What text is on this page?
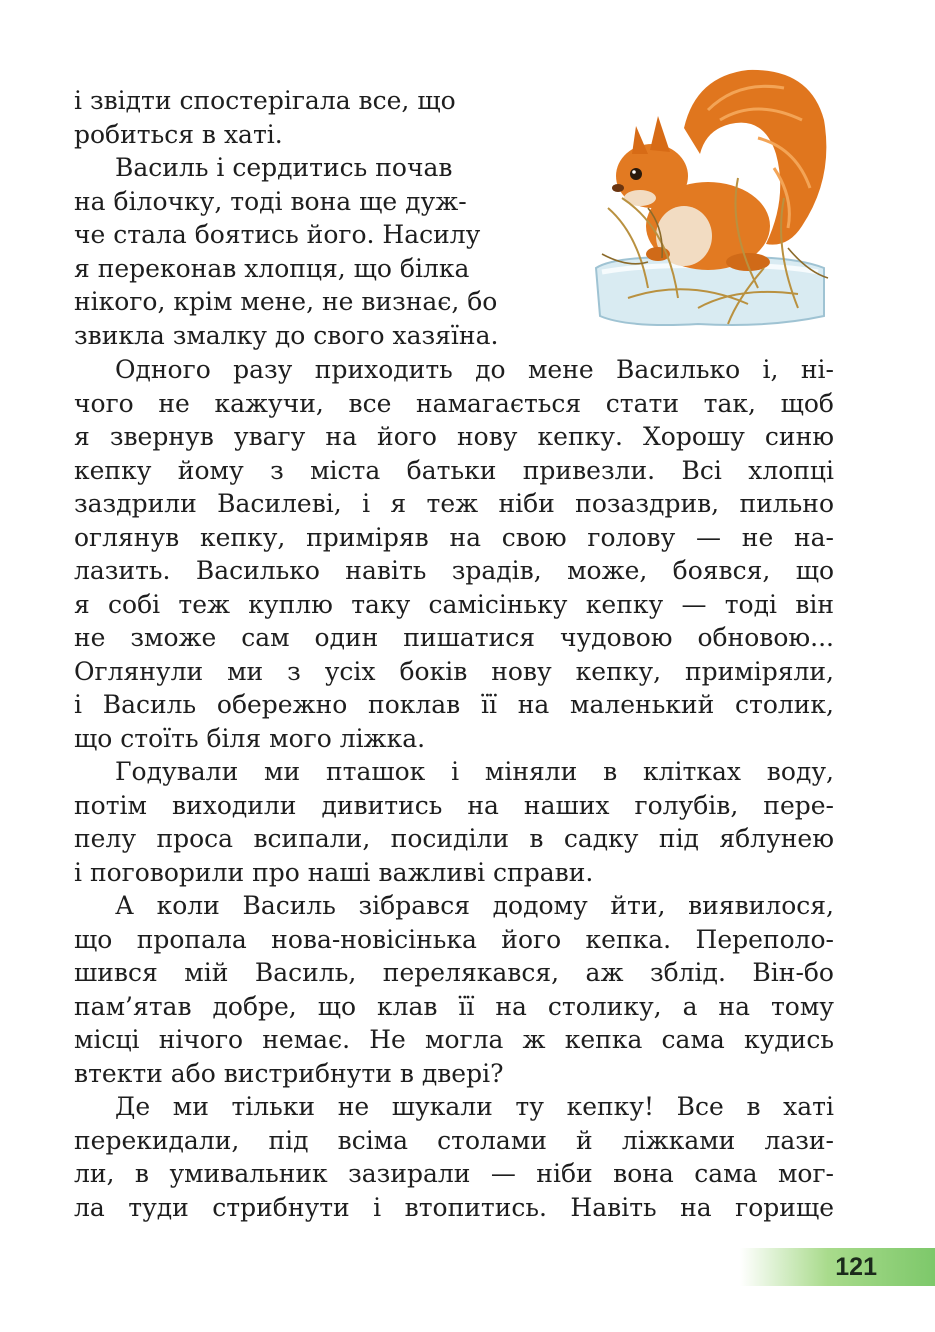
і звідти спостерігала все, що
робиться в хаті.
Василь і сердитись почав
на білочку, тоді вона ще дуж-
че стала боятись його. Насилу
я переконав хлопця, що білка
нікого, крім мене, не визнає, бо
звикла змалку до свого хазяїна.
Одного разу приходить до мене Василько і, ні-
чого не кажучи, все намагається стати так, щоб
я звернув увагу на його нову кепку. Хорошу синю
кепку йому з міста батьки привезли. Всі хлопці
заздрили Василеві, і я теж ніби позаздрив, пильно
оглянув кепку, приміряв на свою голову — не на-
лазить. Василько навіть зрадів, може, боявся, що
я собі теж куплю таку самісіньку кепку — тоді він
не зможе сам один пишатися чудовою обновою...
Оглянули ми з усіх боків нову кепку, приміряли,
і Василь обережно поклав її на маленький столик,
що стоїть біля мого ліжка.
Годували ми пташок і міняли в клітках воду,
потім виходили дивитись на наших голубів, пере-
пелу проса всипали, посиділи в садку під яблунею
і поговорили про наші важливі справи.
А коли Василь зібрався додому йти, виявилося,
що пропала нова-новісінька його кепка. Переполо-
шився мій Василь, перелякався, аж зблід. Він-бо
пам’ятав добре, що клав її на столику, а на тому
місці нічого немає. Не могла ж кепка сама кудись
втекти або вистрибнути в двері?
Де ми тільки не шукали ту кепку! Все в хаті
перекидали, під всіма столами й ліжками лази-
ли, в умивальник зазирали — ніби вона сама мог-
ла туди стрибнути і втопитись. Навіть на горище
121
